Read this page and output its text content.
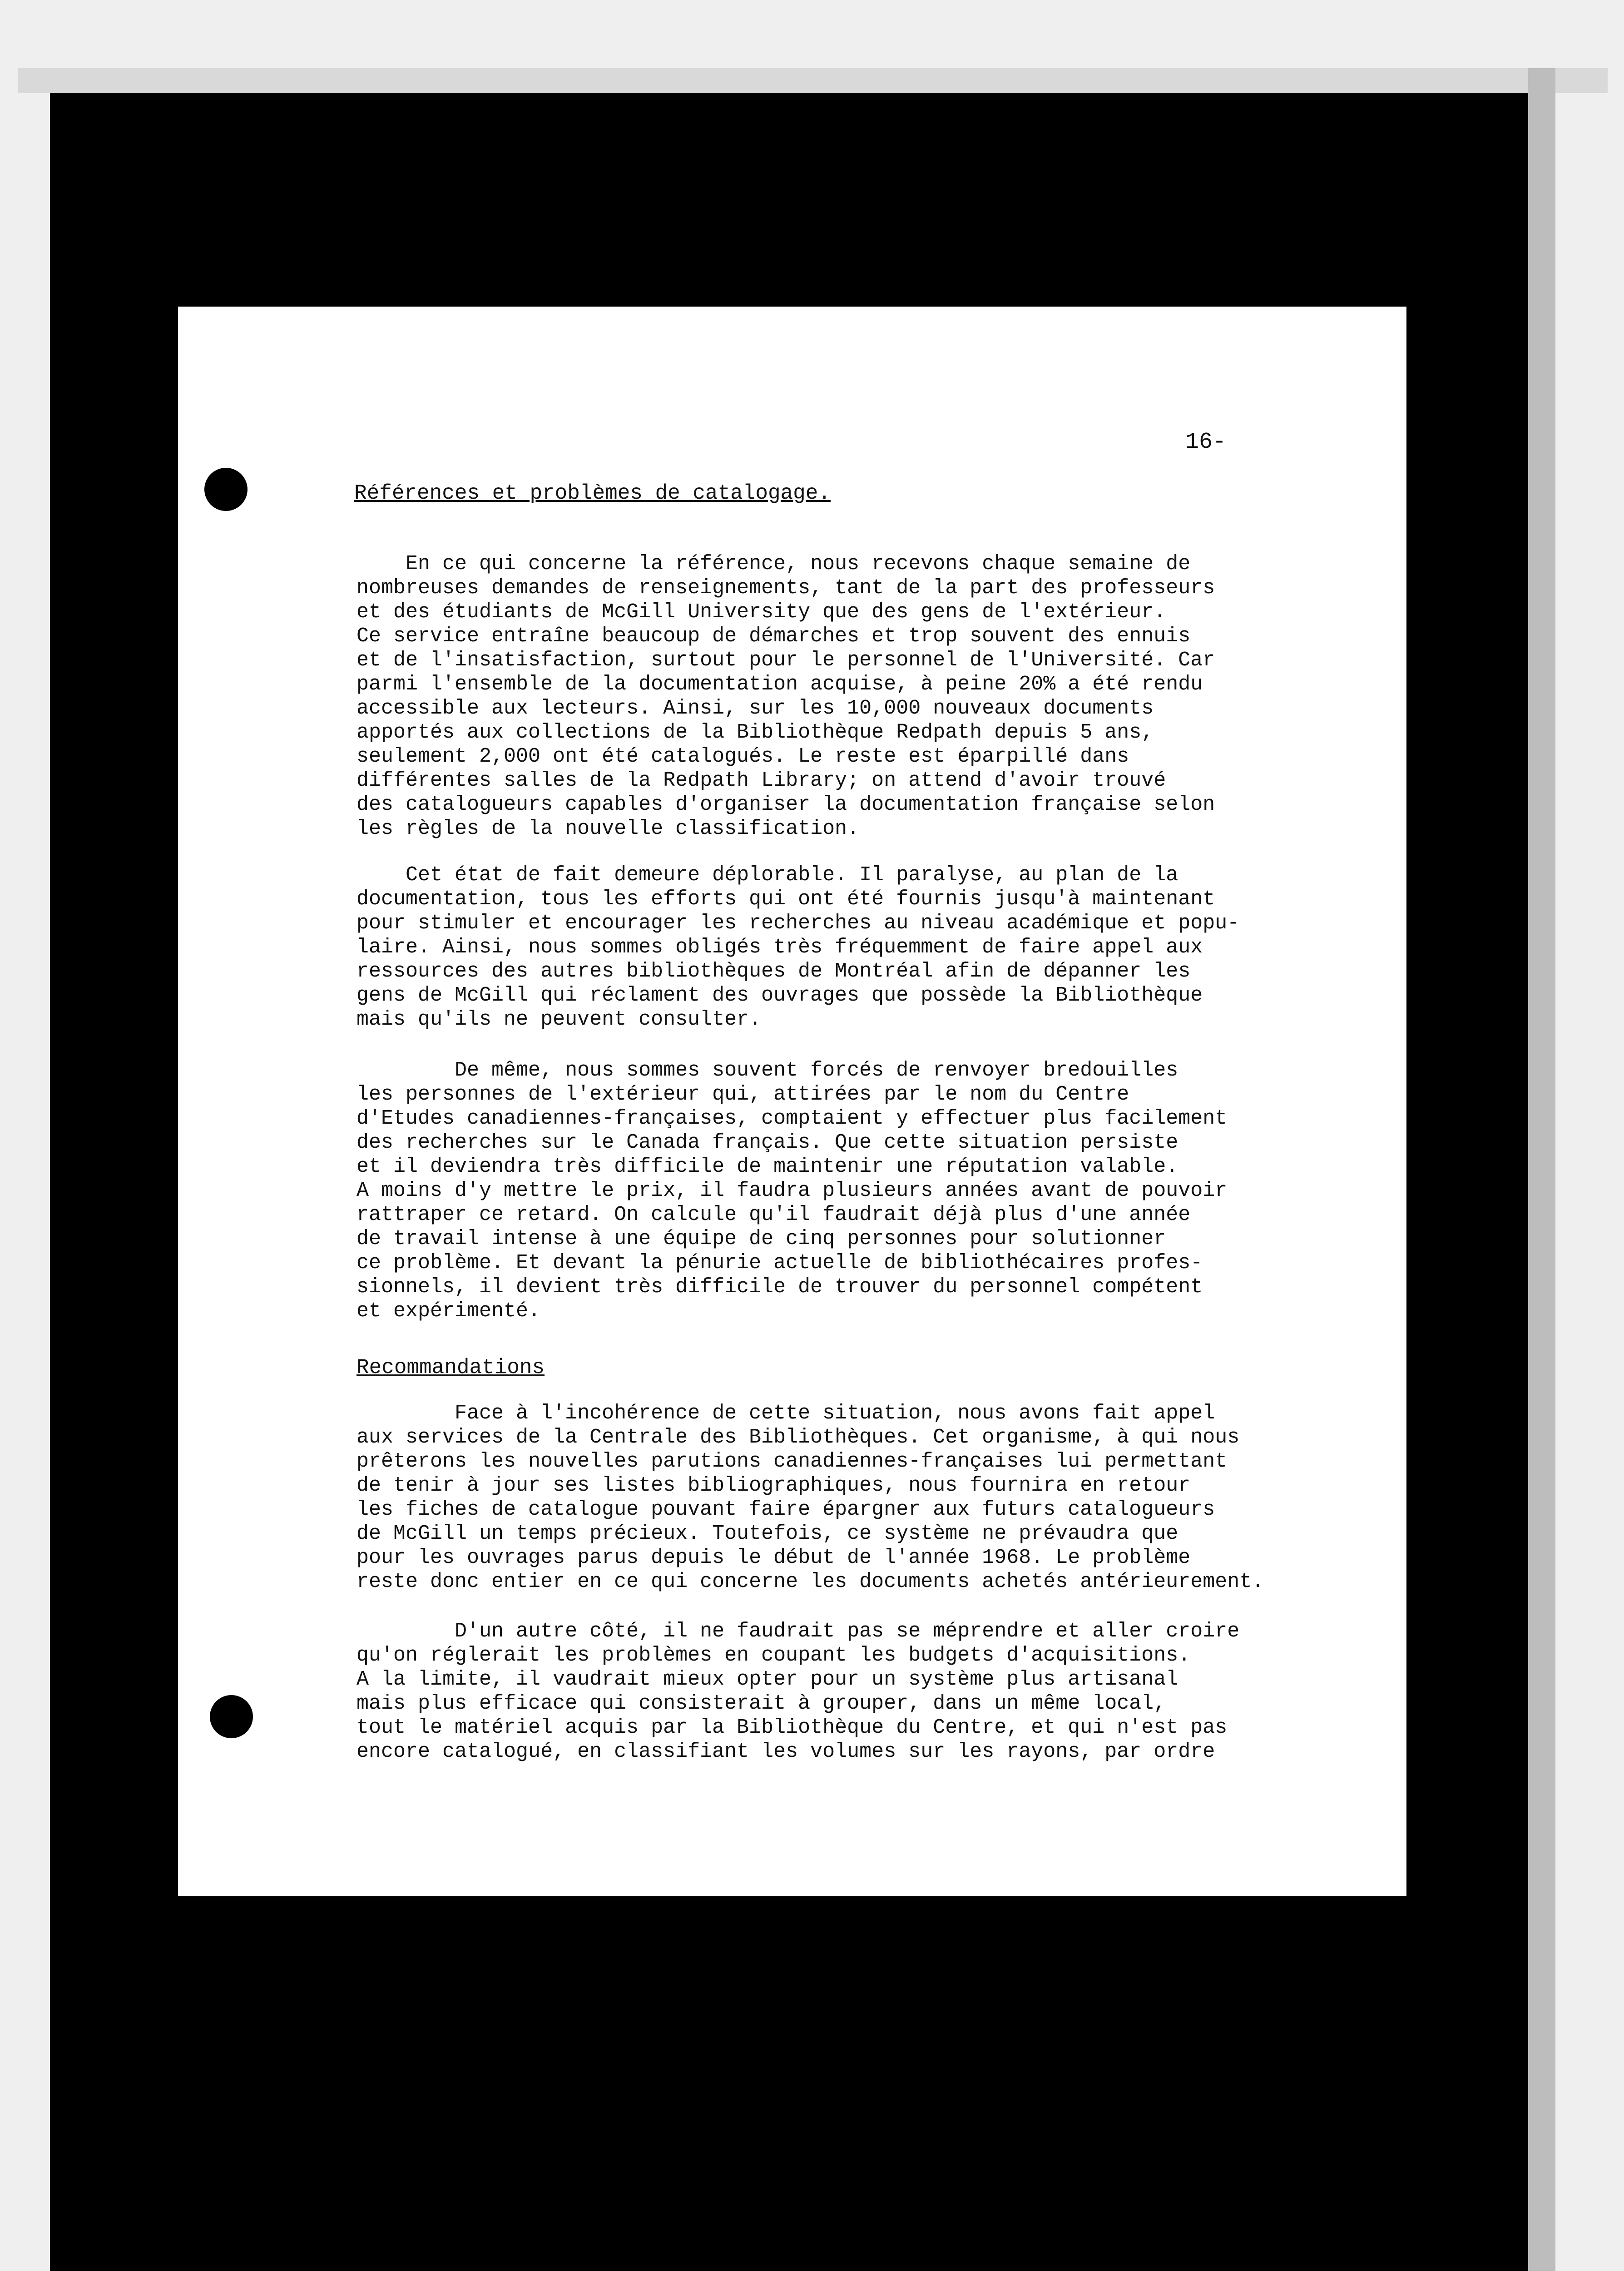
16-
Références et problèmes de catalogage.
En ce qui concerne la référence, nous recevons chaque semaine de
nombreuses demandes de renseignements, tant de la part des professeurs
et des étudiants de McGill University que des gens de l'extérieur.
Ce service entraîne beaucoup de démarches et trop souvent des ennuis
et de l'insatisfaction, surtout pour le personnel de l'Université. Car
parmi l'ensemble de la documentation acquise, à peine 20% a été rendu
accessible aux lecteurs. Ainsi, sur les 10,000 nouveaux documents
apportés aux collections de la Bibliothèque Redpath depuis 5 ans,
seulement 2,000 ont été catalogués. Le reste est éparpillé dans
différentes salles de la Redpath Library; on attend d'avoir trouvé
des catalogueurs capables d'organiser la documentation française selon
les règles de la nouvelle classification.
Cet état de fait demeure déplorable. Il paralyse, au plan de la
documentation, tous les efforts qui ont été fournis jusqu'à maintenant
pour stimuler et encourager les recherches au niveau académique et popu-
laire. Ainsi, nous sommes obligés très fréquemment de faire appel aux
ressources des autres bibliothèques de Montréal afin de dépanner les
gens de McGill qui réclament des ouvrages que possède la Bibliothèque
mais qu'ils ne peuvent consulter.
De même, nous sommes souvent forcés de renvoyer bredouilles
les personnes de l'extérieur qui, attirées par le nom du Centre
d'Etudes canadiennes-françaises, comptaient y effectuer plus facilement
des recherches sur le Canada français. Que cette situation persiste
et il deviendra très difficile de maintenir une réputation valable.
A moins d'y mettre le prix, il faudra plusieurs années avant de pouvoir
rattraper ce retard. On calcule qu'il faudrait déjà plus d'une année
de travail intense à une équipe de cinq personnes pour solutionner
ce problème. Et devant la pénurie actuelle de bibliothécaires profes-
sionnels, il devient très difficile de trouver du personnel compétent
et expérimenté.
Recommandations
Face à l'incohérence de cette situation, nous avons fait appel
aux services de la Centrale des Bibliothèques. Cet organisme, à qui nous
prêterons les nouvelles parutions canadiennes-françaises lui permettant
de tenir à jour ses listes bibliographiques, nous fournira en retour
les fiches de catalogue pouvant faire épargner aux futurs catalogueurs
de McGill un temps précieux. Toutefois, ce système ne prévaudra que
pour les ouvrages parus depuis le début de l'année 1968. Le problème
reste donc entier en ce qui concerne les documents achetés antérieurement.
D'un autre côté, il ne faudrait pas se méprendre et aller croire
qu'on réglerait les problèmes en coupant les budgets d'acquisitions.
A la limite, il vaudrait mieux opter pour un système plus artisanal
mais plus efficace qui consisterait à grouper, dans un même local,
tout le matériel acquis par la Bibliothèque du Centre, et qui n'est pas
encore catalogué, en classifiant les volumes sur les rayons, par ordre
